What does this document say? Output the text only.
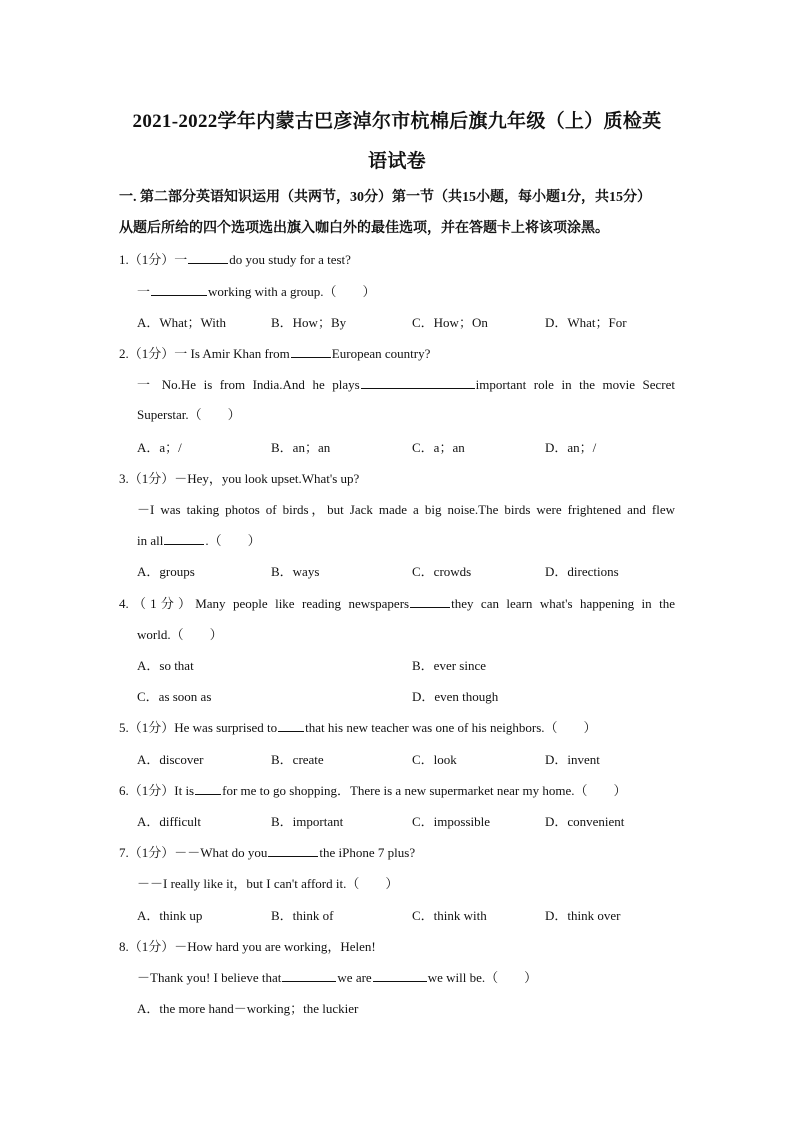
2021-2022学年内蒙古巴彦淖尔市杭棉后旗九年级（上）质检英
语试卷
一. 第二部分英语知识运用（共两节，30分）第一节（共15小题，每小题1分，共15分）
从题后所给的四个选项选出旗入咖白外的最佳选项，并在答题卡上将该项涂黑。
1.（1分）一	do you study for a test?
一	working with a group.（　　）
A．What；With	B．How；By	C．How；On	D．What；For
2.（1分）一 Is Amir Khan from	European country?
一 No.He is from India.And he plays	important role in the movie Secret
Superstar.（　　）
A．a；/	B．an；an	C．a；an	D．an；/
3.（1分）－Hey，you look upset.What's up?
－I was taking photos of birds，but Jack made a big noise.The birds were frightened and flew
in all	.（　　）
A．groups	B．ways	C．crowds	D．directions
4.（1分）Many people like reading newspapers	they can learn what's happening in the
world.（　　）
A．so that	B．ever since
C．as soon as	D．even though
5.（1分）He was surprised to that his new teacher was one of his neighbors.（　　）
A．discover	B．create	C．look	D．invent
6.（1分）It is for me to go shopping．There is a new supermarket near my home.（　　）
A．difficult	B．important	C．impossible	D．convenient
7.（1分）－－What do you	the iPhone 7 plus?
－－I really like it，but I can't afford it.（　　）
A．think up	B．think of	C．think with	D．think over
8.（1分）－How hard you are working，Helen!
－Thank you! I believe that	we are	we will be.（　　）
A．the more hand－working；the luckier
